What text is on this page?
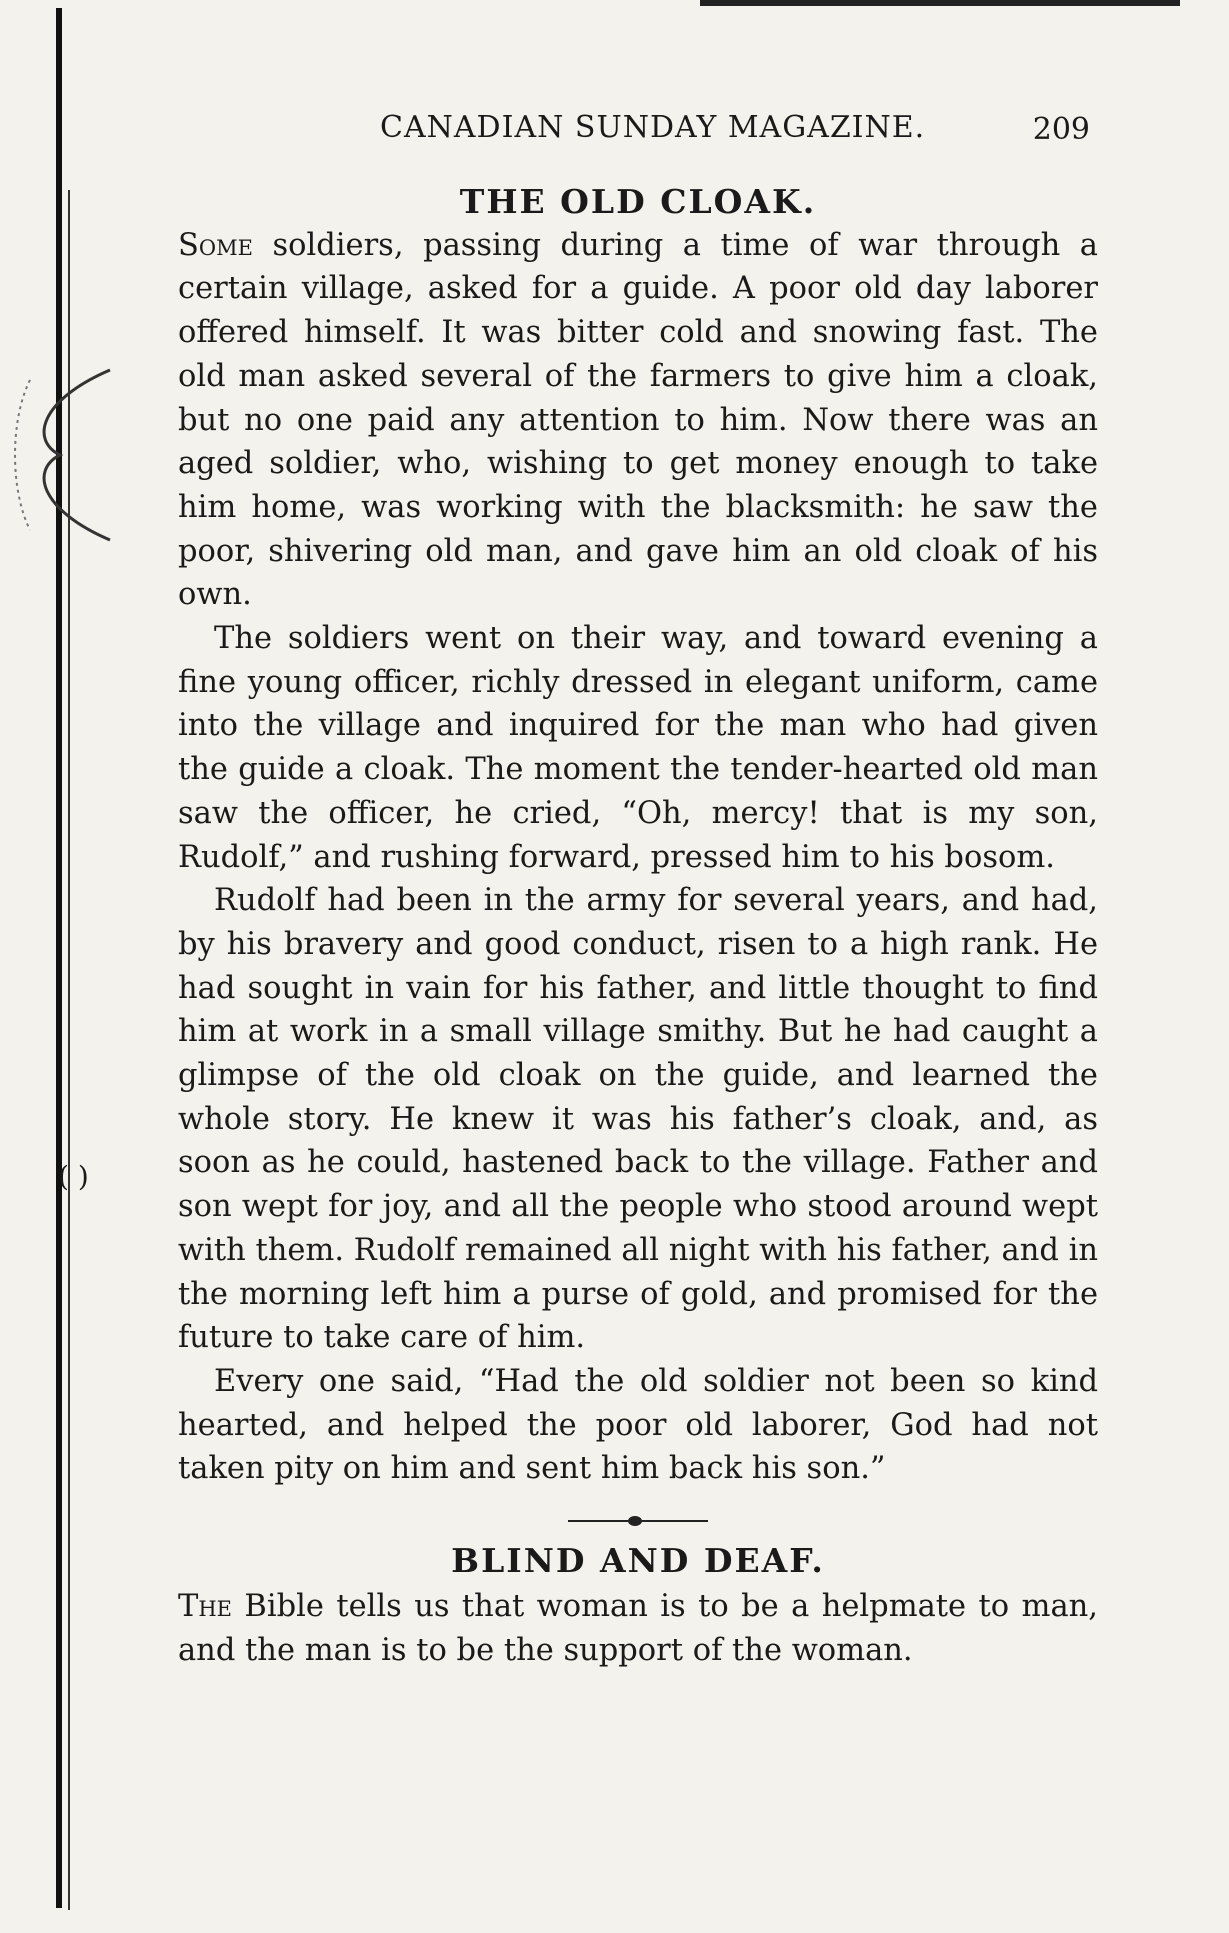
( )
CANADIAN SUNDAY MAGAZINE.	209
THE OLD CLOAK.

Some soldiers, passing during a time of war through a certain village, asked for a guide. A poor old day laborer offered himself. It was bitter cold and snowing fast. The old man asked several of the farmers to give him a cloak, but no one paid any attention to him. Now there was an aged soldier, who, wishing to get money enough to take him home, was working with the blacksmith: he saw the poor, shivering old man, and gave him an old cloak of his own.

The soldiers went on their way, and toward evening a fine young officer, richly dressed in elegant uniform, came into the village and inquired for the man who had given the guide a cloak. The moment the tender-hearted old man saw the officer, he cried, “Oh, mercy! that is my son, Rudolf,” and rushing forward, pressed him to his bosom.

Rudolf had been in the army for several years, and had, by his bravery and good conduct, risen to a high rank. He had sought in vain for his father, and little thought to find him at work in a small village smithy. But he had caught a glimpse of the old cloak on the guide, and learned the whole story. He knew it was his father’s cloak, and, as soon as he could, hastened back to the village. Father and son wept for joy, and all the people who stood around wept with them. Rudolf remained all night with his father, and in the morning left him a purse of gold, and promised for the future to take care of him.

Every one said, “Had the old soldier not been so kind hearted, and helped the poor old laborer, God had not taken pity on him and sent him back his son.”

BLIND AND DEAF.

The Bible tells us that woman is to be a helpmate to man, and the man is to be the support of the woman.
